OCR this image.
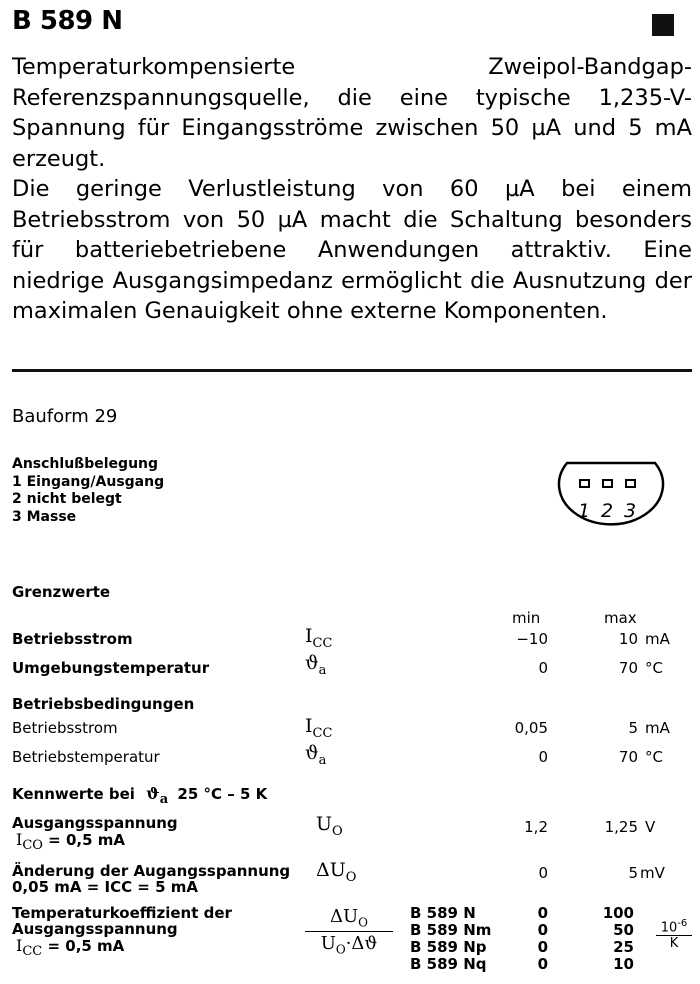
B 589 N

Temperaturkompensierte Zweipol-Bandgap-Referenzspannungsquelle, die eine typische 1,235-V-Spannung für Eingangsströme zwischen 50 µA und 5 mA erzeugt.

Die geringe Verlustleistung von 60 µA bei einem Betriebsstrom von 50 µA macht die Schaltung besonders für batteriebetriebene Anwendungen attraktiv. Eine niedrige Ausgangsimpedanz ermöglicht die Ausnutzung der maximalen Genauigkeit ohne externe Komponenten.

Bauform 29
Anschlußbelegung
1 Eingang/Ausgang
2 nicht belegt
3 Masse	1 2 3
Grenzwerte
min	max
Betriebsstrom	$I_{CC}$	−10	10 mA
Umgebungstemperatur	$ϑ_a$	0	70 °C
Betriebsbedingungen
Betriebsstrom	$I_{CC}$	0,05	5 mA
Betriebstemperatur	$ϑ_a$	0	70 °C
Kennwerte bei $ϑ_a$ 25 °C – 5 K
Ausgangsspannung
$I_{CO} = 0,5$ mA
$U_O$	1,2	1,25 V
Änderung der Augangsspannung
0,05 mA = ICC = 5 mA
$\Delta U_O$	0	5 mV
Temperaturkoeffizient der
Ausgangsspannung
$I_{CC} = 0,5$ mA
$\Delta U_O$
$U_O\cdot\Delta ϑ$
B 589 N	0	100
B 589 Nm	0	50
B 589 Np	0	25
B 589 Nq	0	10
$\frac{10^{-6}}{K}$
